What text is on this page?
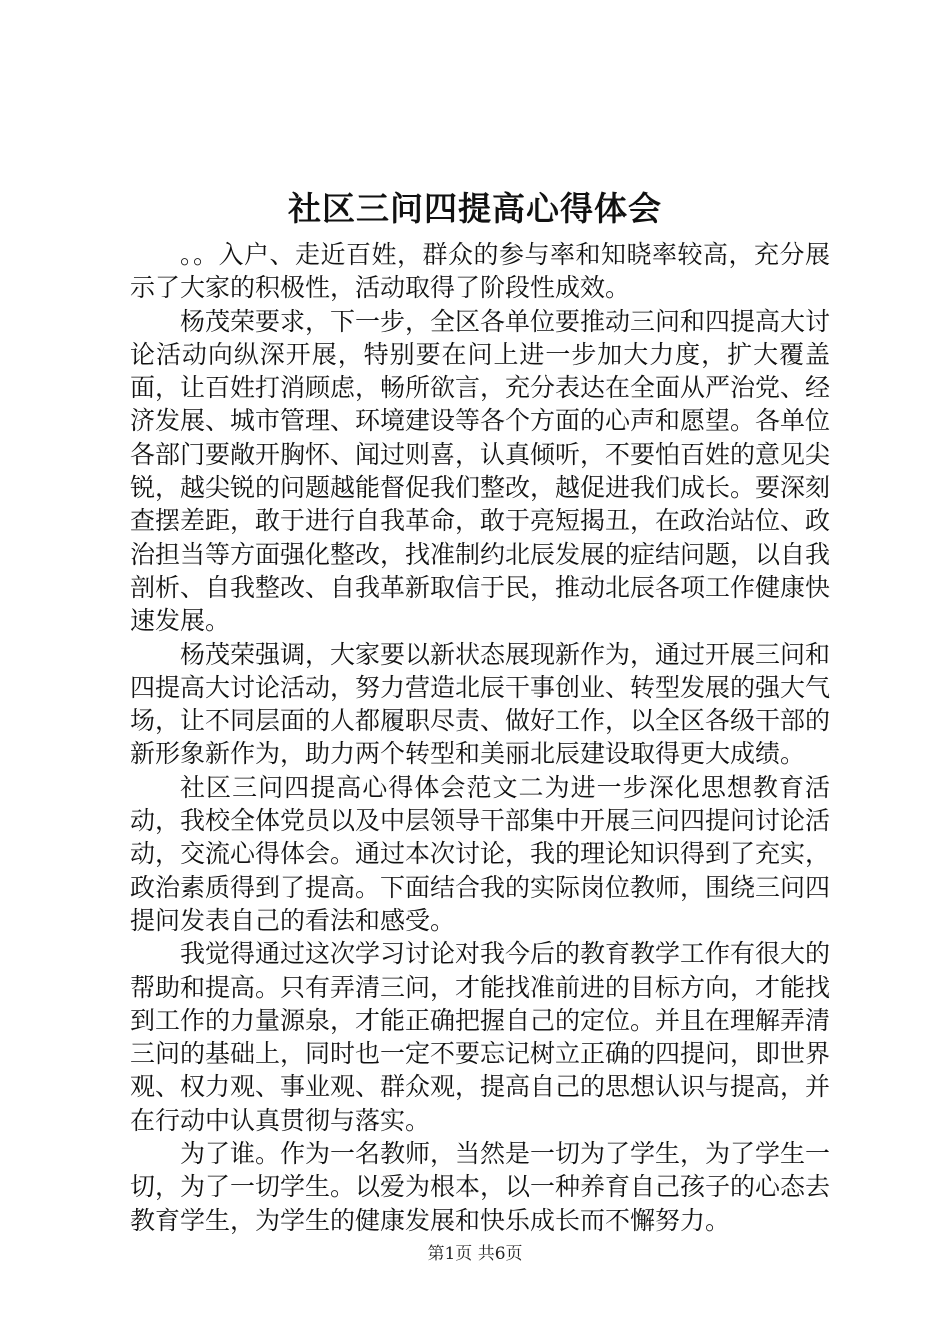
社区三问四提高心得体会

。。入户、走近百姓，群众的参与率和知晓率较高，充分展示了大家的积极性，活动取得了阶段性成效。

杨茂荣要求，下一步，全区各单位要推动三问和四提高大讨论活动向纵深开展，特别要在问上进一步加大力度，扩大覆盖面，让百姓打消顾虑，畅所欲言，充分表达在全面从严治党、经济发展、城市管理、环境建设等各个方面的心声和愿望。各单位各部门要敞开胸怀、闻过则喜，认真倾听，不要怕百姓的意见尖锐，越尖锐的问题越能督促我们整改，越促进我们成长。要深刻查摆差距，敢于进行自我革命，敢于亮短揭丑，在政治站位、政治担当等方面强化整改，找准制约北辰发展的症结问题，以自我剖析、自我整改、自我革新取信于民，推动北辰各项工作健康快速发展。

杨茂荣强调，大家要以新状态展现新作为，通过开展三问和四提高大讨论活动，努力营造北辰干事创业、转型发展的强大气场，让不同层面的人都履职尽责、做好工作，以全区各级干部的新形象新作为，助力两个转型和美丽北辰建设取得更大成绩。

社区三问四提高心得体会范文二为进一步深化思想教育活动，我校全体党员以及中层领导干部集中开展三问四提问讨论活动，交流心得体会。通过本次讨论，我的理论知识得到了充实，政治素质得到了提高。下面结合我的实际岗位教师，围绕三问四提问发表自己的看法和感受。

我觉得通过这次学习讨论对我今后的教育教学工作有很大的帮助和提高。只有弄清三问，才能找准前进的目标方向，才能找到工作的力量源泉，才能正确把握自己的定位。并且在理解弄清三问的基础上，同时也一定不要忘记树立正确的四提问，即世界观、权力观、事业观、群众观，提高自己的思想认识与提高，并在行动中认真贯彻与落实。

为了谁。作为一名教师，当然是一切为了学生，为了学生一切，为了一切学生。以爱为根本，以一种养育自己孩子的心态去教育学生，为学生的健康发展和快乐成长而不懈努力。

第1页 共6页
